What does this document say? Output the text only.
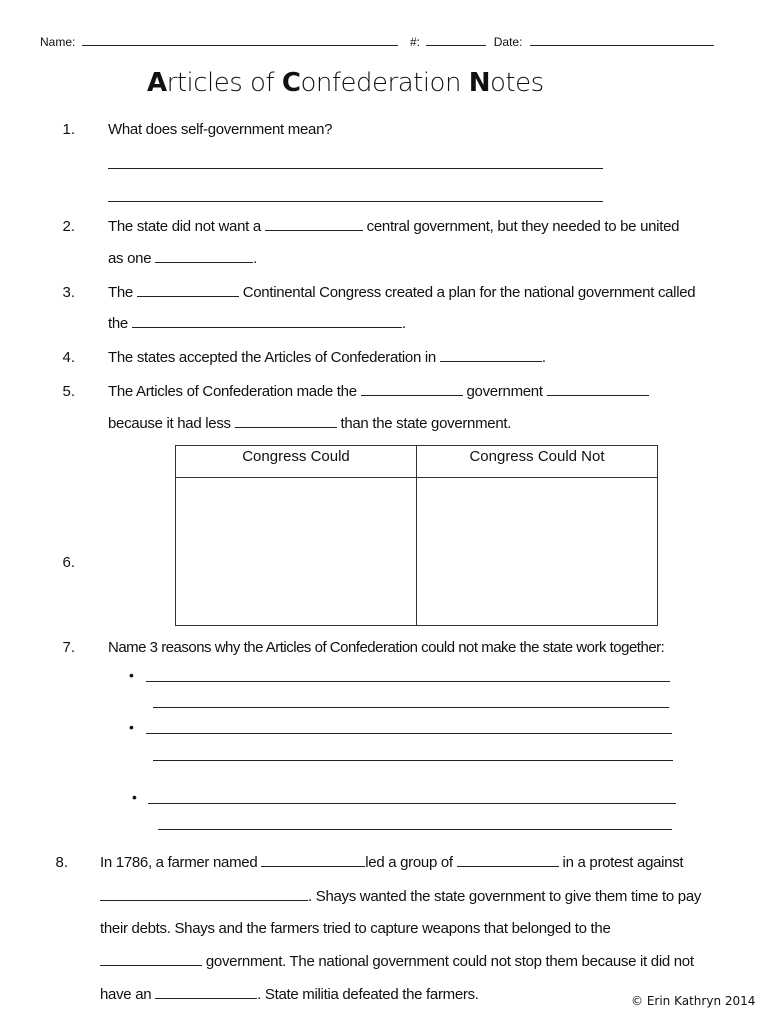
Name:	#:	Date:
Articles of Confederation Notes
1. What does self-government mean?
2. The state did not want a	central government, but they needed to be united
as one	.
3. The	Continental Congress created a plan for the national government called
the	.
4. The states accepted the Articles of Confederation in	.
5. The Articles of Confederation made the	government
because it had less	than the state government.
6.
Congress Could	Congress Could Not

7. Name 3 reasons why the Articles of Confederation could not make the state work together:
•
•
•
8. In 1786, a farmer named	led a group of	in a protest against
. Shays wanted the state government to give them time to pay
their debts. Shays and the farmers tried to capture weapons that belonged to the
government. The national government could not stop them because it did not
have an	. State militia defeated the farmers.	© Erin Kathryn 2014
